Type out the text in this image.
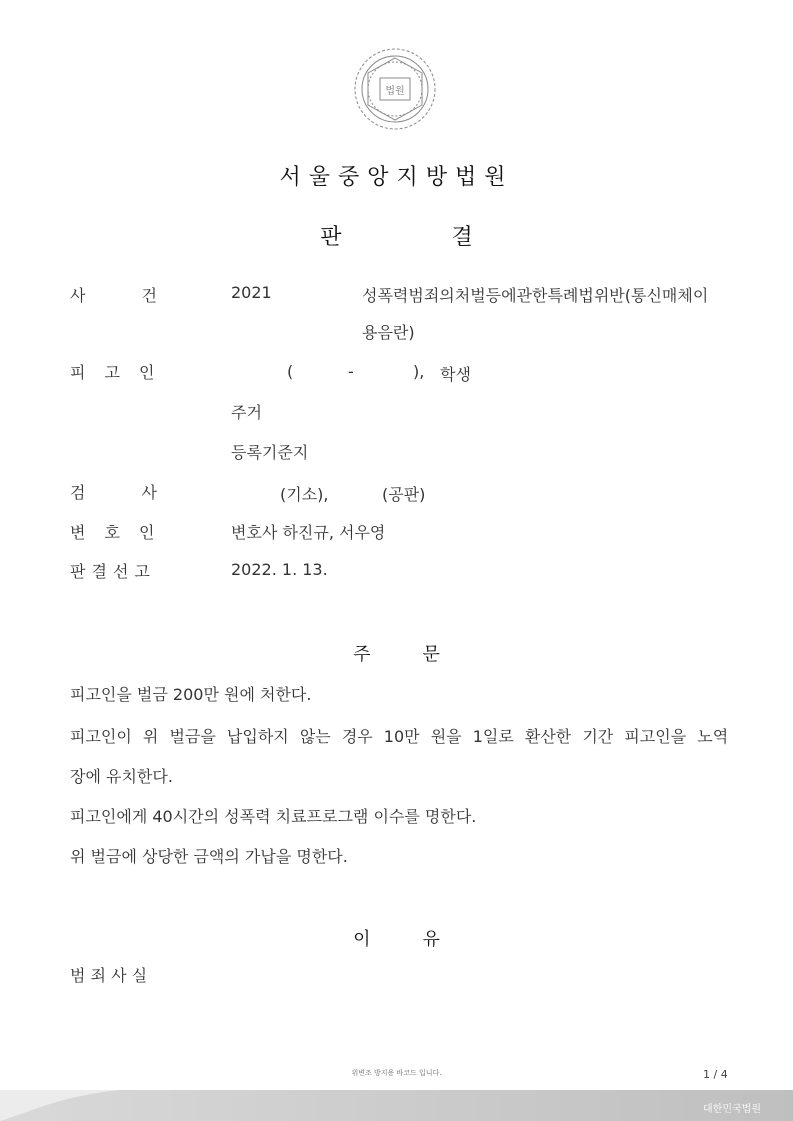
법원
서울중앙지방법원
판	결
사	건	2021	성폭력범죄의처벌등에관한특례법위반(통신매체이
용음란)
피 고 인	(	-	), 학생
주거
등록기준지
검	사	(기소),	(공판)
변 호 인	변호사 하진규, 서우영
판 결 선 고	2022. 1. 13.
주	문
피고인을 벌금 200만 원에 처한다.
피고인이 위 벌금을 납입하지 않는 경우 10만 원을 1일로 환산한 기간 피고인을 노역
장에 유치한다.
피고인에게 40시간의 성폭력 치료프로그램 이수를 명한다.
위 벌금에 상당한 금액의 가납을 명한다.
이	유
범 죄 사 실
위변조 방지용 바코드 입니다.	1 / 4
대한민국법원
